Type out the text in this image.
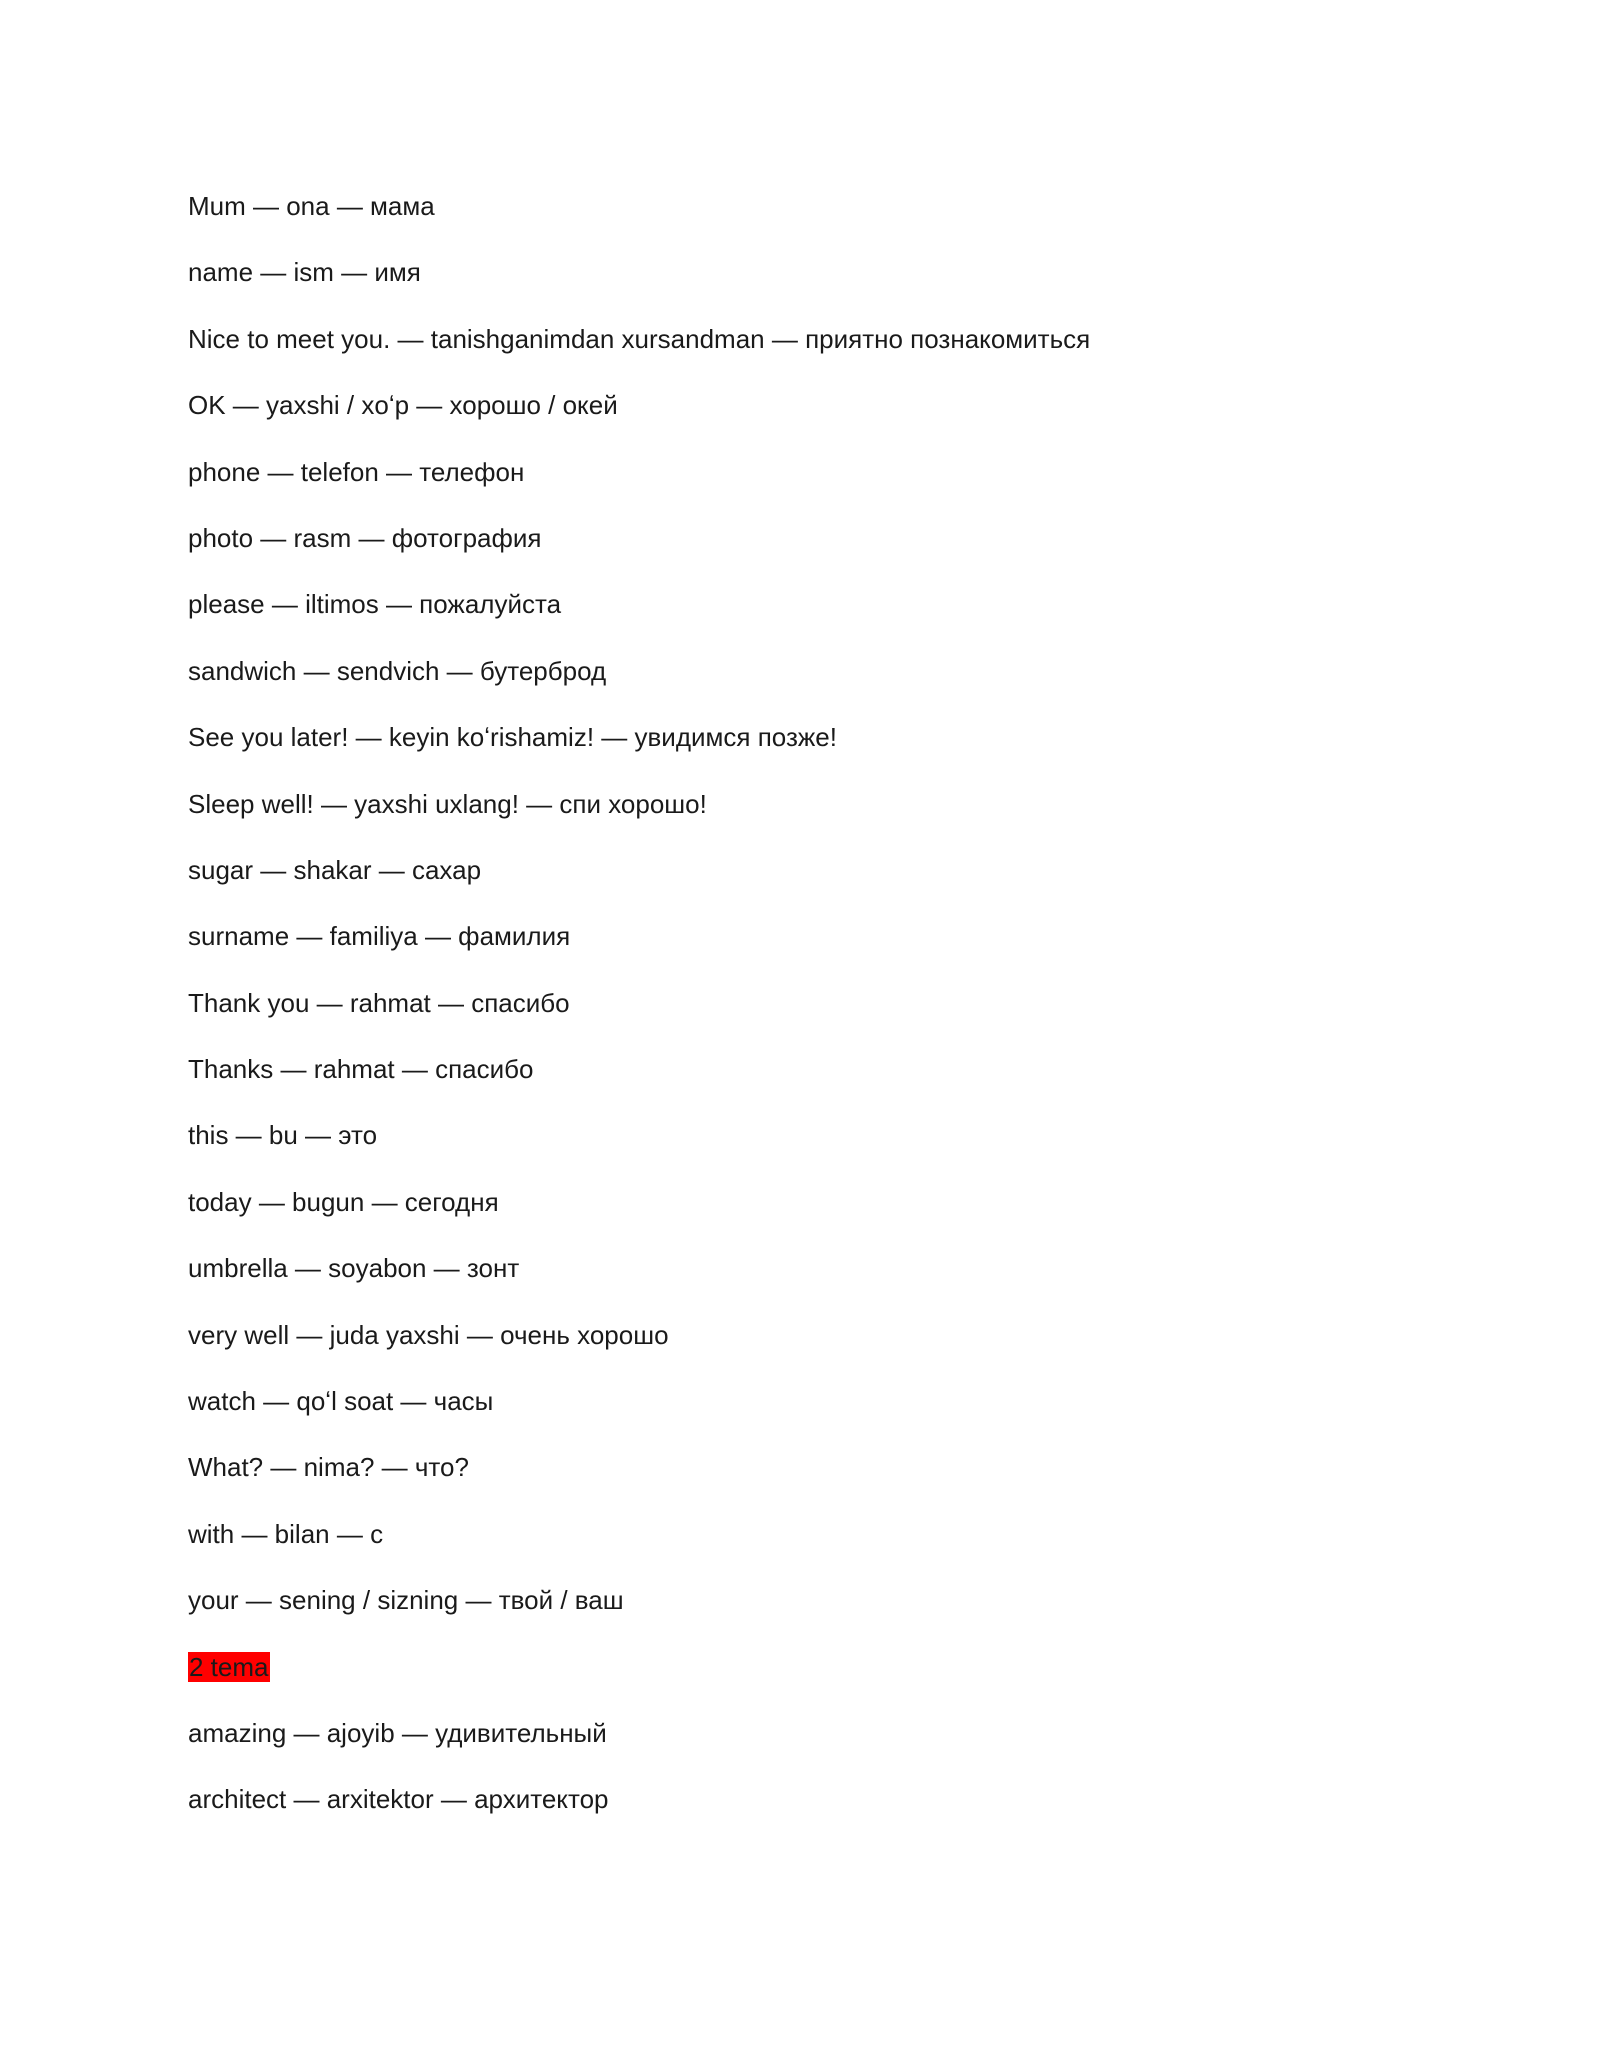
Mum — ona — мама
name — ism — имя
Nice to meet you. — tanishganimdan xursandman — приятно познакомиться
OK — yaxshi / xoʻp — хорошо / окей
phone — telefon — телефон
photo — rasm — фотография
please — iltimos — пожалуйста
sandwich — sendvich — бутерброд
See you later! — keyin koʻrishamiz! — увидимся позже!
Sleep well! — yaxshi uxlang! — спи хорошо!
sugar — shakar — сахар
surname — familiya — фамилия
Thank you — rahmat — спасибо
Thanks — rahmat — спасибо
this — bu — это
today — bugun — сегодня
umbrella — soyabon — зонт
very well — juda yaxshi — очень хорошо
watch — qoʻl soat — часы
What? — nima? — что?
with — bilan — с
your — sening / sizning — твой / ваш
2 tema
amazing — ajoyib — удивительный
architect — arxitektor — архитектор
